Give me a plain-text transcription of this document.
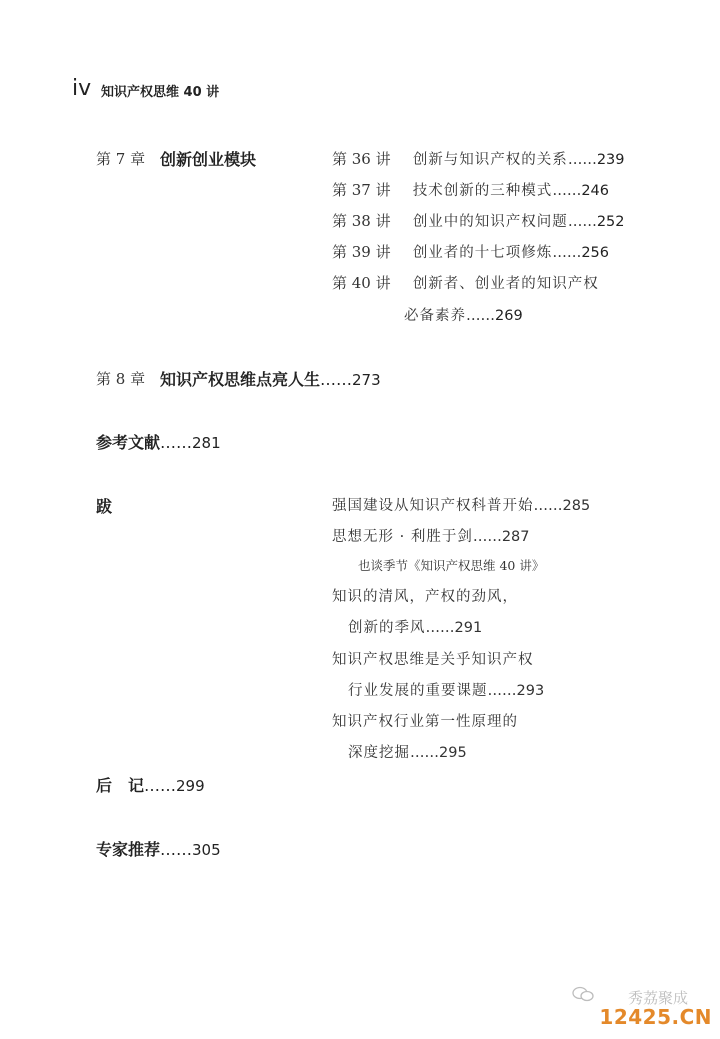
iv 知识产权思维 40 讲
第 7 章 创新创业模块	第 36 讲 创新与知识产权的关系……239
第 37 讲 技术创新的三种模式……246
第 38 讲 创业中的知识产权问题……252
第 39 讲 创业者的十七项修炼……256
第 40 讲 创新者、创业者的知识产权
必备素养……269
第 8 章 知识产权思维点亮人生……273
参考文献……281
跋	强国建设从知识产权科普开始……285
思想无形 · 利胜于剑……287
也谈季节《知识产权思维 40 讲》
知识的清风，产权的劲风，
创新的季风……291
知识产权思维是关乎知识产权
行业发展的重要课题……293
知识产权行业第一性原理的
深度挖掘……295
后　记……299
专家推荐……305
秀荔聚成
12425.CN
